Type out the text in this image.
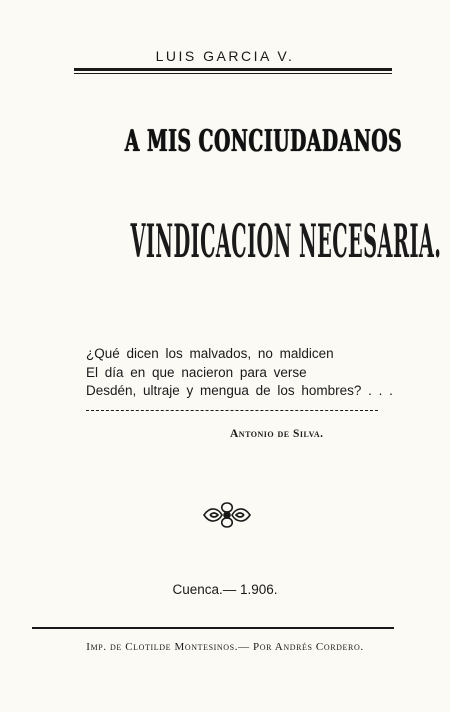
LUIS GARCIA V.
A MIS CONCIUDADANOS
VINDICACION NECESARIA.
¿Qué dicen los malvados, no maldicen
El día en que nacieron para verse
Desdén, ultraje y mengua de los hombres? . . .
Antonio de Silva.
Cuenca.— 1.906.
Imp. de Clotilde Montesinos.— Por Andrés Cordero.
